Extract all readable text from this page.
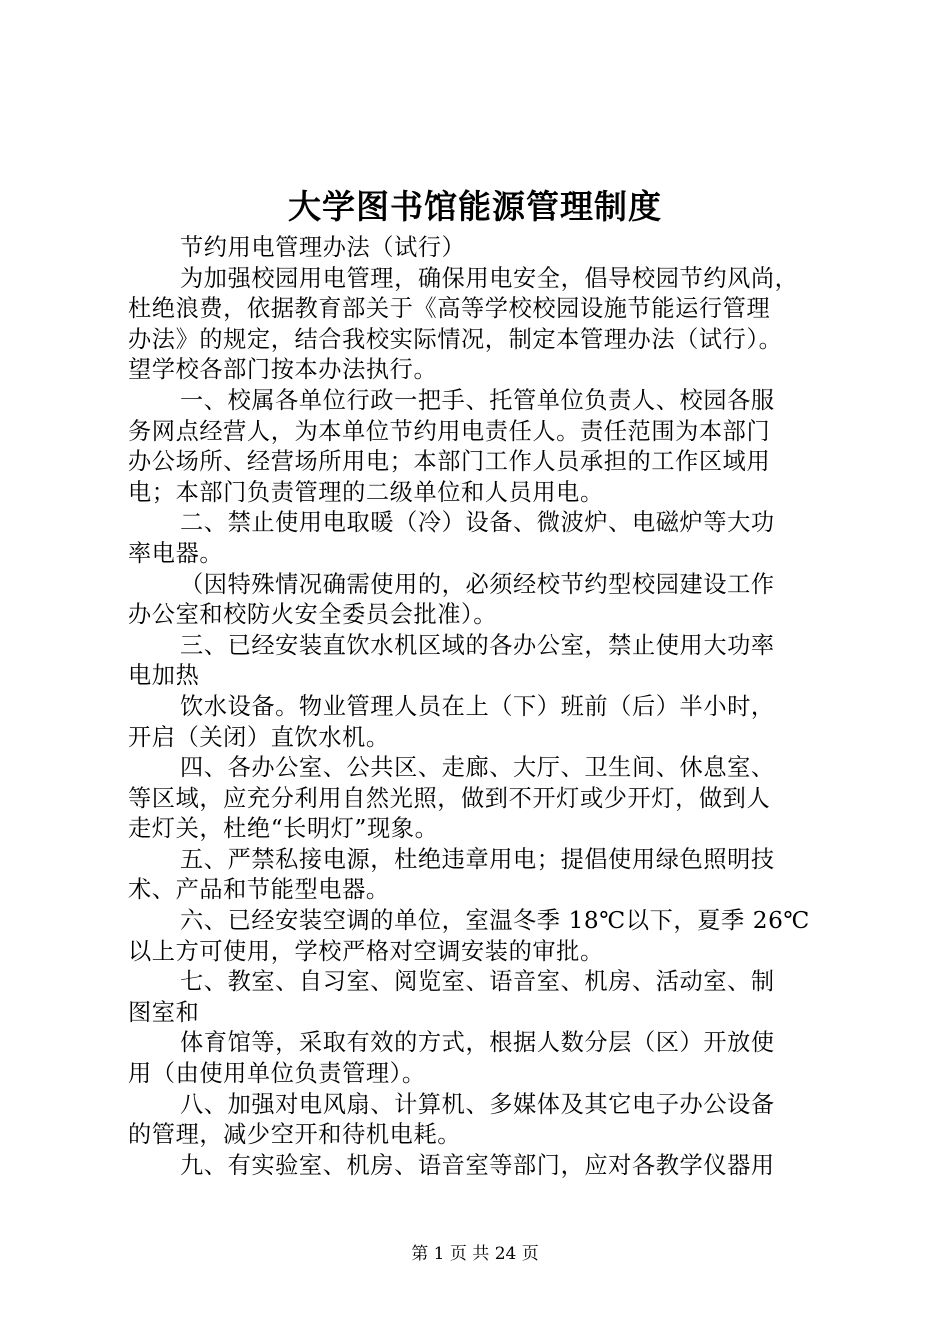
大学图书馆能源管理制度
节约用电管理办法（试行）
为加强校园用电管理，确保用电安全，倡导校园节约风尚，
杜绝浪费，依据教育部关于《高等学校校园设施节能运行管理
办法》的规定，结合我校实际情况，制定本管理办法（试行）。
望学校各部门按本办法执行。
一、校属各单位行政一把手、托管单位负责人、校园各服
务网点经营人，为本单位节约用电责任人。责任范围为本部门
办公场所、经营场所用电；本部门工作人员承担的工作区域用
电；本部门负责管理的二级单位和人员用电。
二、禁止使用电取暖（冷）设备、微波炉、电磁炉等大功
率电器。
（因特殊情况确需使用的，必须经校节约型校园建设工作
办公室和校防火安全委员会批准）。
三、已经安装直饮水机区域的各办公室，禁止使用大功率
电加热
饮水设备。物业管理人员在上（下）班前（后）半小时，
开启（关闭）直饮水机。
四、各办公室、公共区、走廊、大厅、卫生间、休息室、
等区域，应充分利用自然光照，做到不开灯或少开灯，做到人
走灯关，杜绝“长明灯”现象。
五、严禁私接电源，杜绝违章用电；提倡使用绿色照明技
术、产品和节能型电器。
六、已经安装空调的单位，室温冬季 18℃以下，夏季 26℃
以上方可使用，学校严格对空调安装的审批。
七、教室、自习室、阅览室、语音室、机房、活动室、制
图室和
体育馆等，采取有效的方式，根据人数分层（区）开放使
用（由使用单位负责管理）。
八、加强对电风扇、计算机、多媒体及其它电子办公设备
的管理，减少空开和待机电耗。
九、有实验室、机房、语音室等部门，应对各教学仪器用
第 1 页 共 24 页
